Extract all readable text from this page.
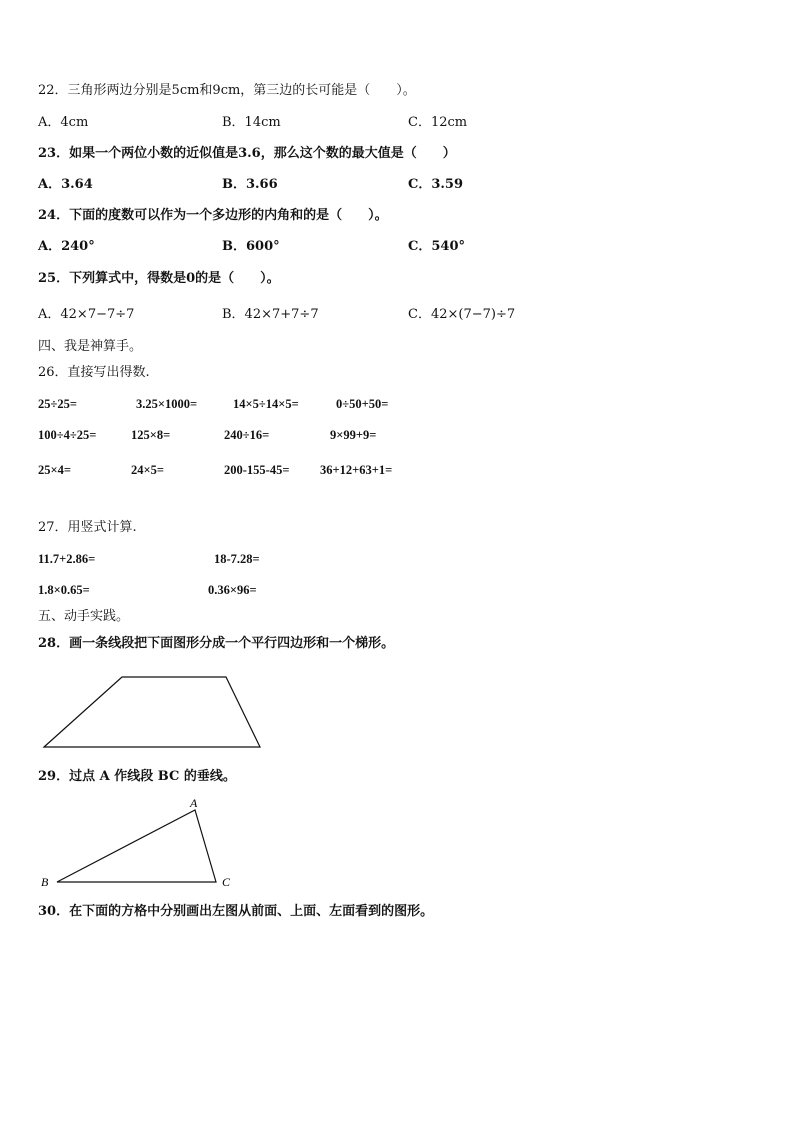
22．三角形两边分别是5cm和9cm，第三边的长可能是（　　）。
A．4cm	B．14cm	C．12cm
23．如果一个两位小数的近似值是3.6，那么这个数的最大值是（　　）
A．3.64	B．3.66	C．3.59
24．下面的度数可以作为一个多边形的内角和的是（　　）。
A．240°	B．600°	C．540°
25．下列算式中，得数是0的是（　　）。
A．42×7−7÷7	B．42×7+7÷7	C．42×(7−7)÷7
四、我是神算手。
26．直接写出得数.
25÷25=	3.25×1000=	14×5÷14×5=	0÷50+50=
100÷4÷25=	125×8=	240÷16=	9×99+9=
25×4=	24×5=	200-155-45= 36+12+63+1=
27．用竖式计算.
11.7+2.86=	18-7.28=
1.8×0.65=	0.36×96=
五、动手实践。
28．画一条线段把下面图形分成一个平行四边形和一个梯形。
29．过点 A 作线段 BC 的垂线。
A
B	C
30．在下面的方格中分别画出左图从前面、上面、左面看到的图形。
